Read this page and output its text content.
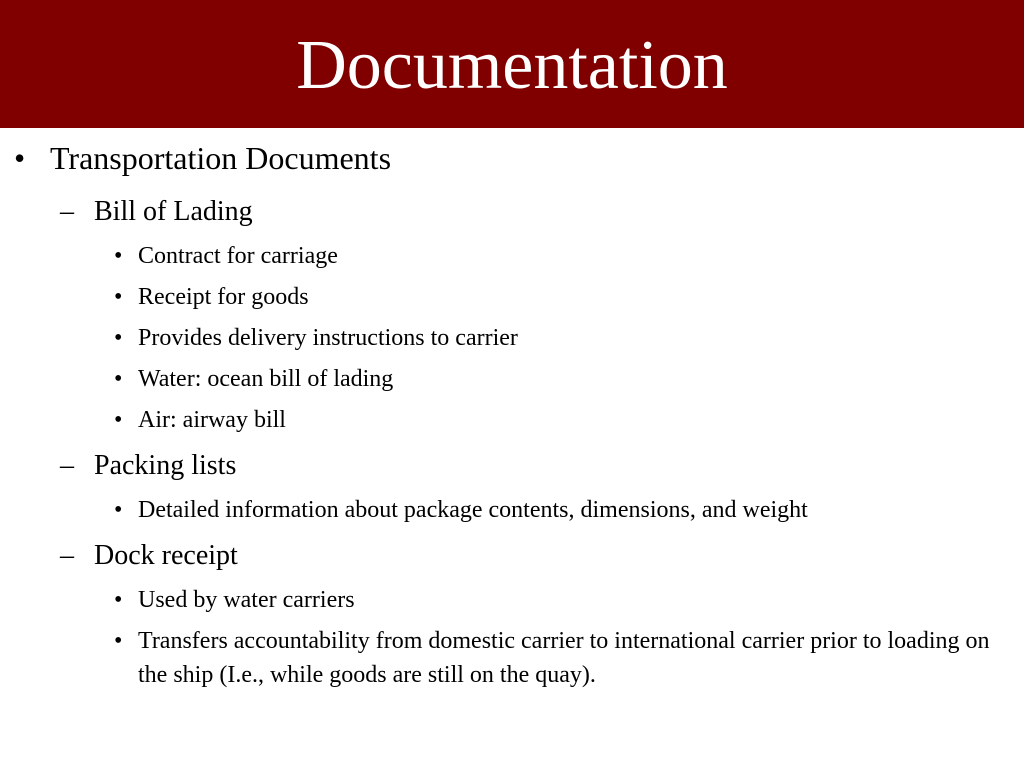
Documentation
• Transportation Documents
– Bill of Lading
• Contract for carriage
• Receipt for goods
• Provides delivery instructions to carrier
• Water: ocean bill of lading
• Air: airway bill
– Packing lists
• Detailed information about package contents, dimensions, and weight
– Dock receipt
• Used by water carriers
• Transfers accountability from domestic carrier to international carrier prior to loading on the ship (I.e., while goods are still on the quay).
